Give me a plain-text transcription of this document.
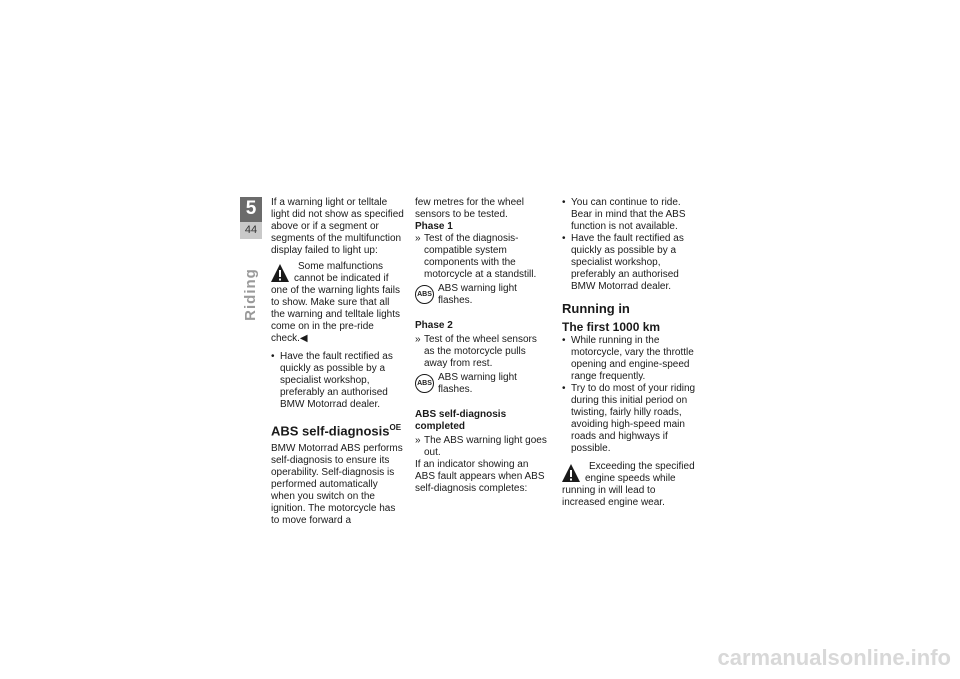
5
44
Riding

If a warning light or telltale light did not show as specified above or if a segment or segments of the multifunction display failed to light up:

Some malfunctions cannot be indicated if one of the warning lights fails to show. Make sure that all the warning and telltale lights come on in the pre-ride check.◀

• Have the fault rectified as quickly as possible by a specialist workshop, preferably an authorised BMW Motorrad dealer.

ABS self-diagnosis$^{OE}$

BMW Motorrad ABS performs self-diagnosis to ensure its operability. Self-diagnosis is performed automatically when you switch on the ignition. The motorcycle has to move forward a

few metres for the wheel sensors to be tested.

Phase 1

» Test of the diagnosis-compatible system components with the motorcycle at a standstill.

ABS
ABS warning light flashes.

Phase 2

» Test of the wheel sensors as the motorcycle pulls away from rest.

ABS
ABS warning light flashes.

ABS self-diagnosis completed

» The ABS warning light goes out.

If an indicator showing an ABS fault appears when ABS self-diagnosis completes:

• You can continue to ride. Bear in mind that the ABS function is not available.

• Have the fault rectified as quickly as possible by a specialist workshop, preferably an authorised BMW Motorrad dealer.

Running in

The first 1000 km

• While running in the motorcycle, vary the throttle opening and engine-speed range frequently.

• Try to do most of your riding during this initial period on twisting, fairly hilly roads, avoiding high-speed main roads and highways if possible.

Exceeding the specified engine speeds while running in will lead to increased engine wear.
carmanualsonline.info
